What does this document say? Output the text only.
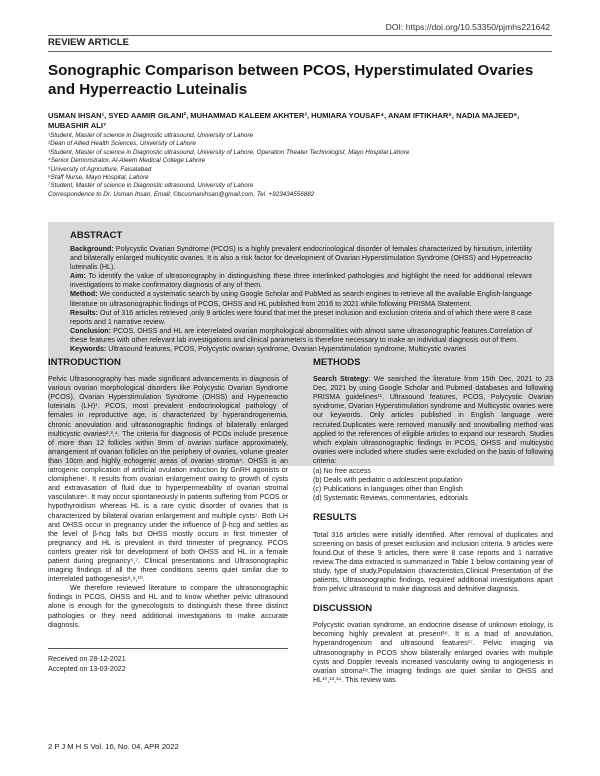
DOI: https://doi.org/10.53350/pjmhs221642
REVIEW ARTICLE
Sonographic Comparison between PCOS, Hyperstimulated Ovaries and Hyperreactio Luteinalis
USMAN IHSAN¹, SYED AAMIR GILANI², MUHAMMAD KALEEM AKHTER³, HUMIARA YOUSAF⁴, ANAM IFTIKHAR⁵, NADIA MAJEED⁶, MUBASHIR ALI⁷
¹Student, Master of science in Diagnostic ultrasound, University of Lahore
²Dean of Allied Health Sciences, University of Lahore
³Student, Master of science in Diagnostic ultrasound, University of Lahore, Operation Theater Technologist, Mayo Hospital Lahore
⁴Senior Demonstrator, Al-Aleem Medical College Lahore
⁵University of Agriculture, Faisalabad
⁶Staff Nurse, Mayo Hospital, Lahore
⁷Student, Master of science in Diagnostic ultrasound, University of Lahore
Correspondence to Dr. Usman Ihsan, Email: ©bcusmanihsan@gmail.com, Tel. +923434556882
ABSTRACT

Background: Polycystic Ovarian Syndrome (PCOS) is a highly prevalent endocrinological disorder of females characterized by hirsutism, infertility and bilaterally enlarged multicystic ovaries. It is also a risk factor for development of Ovarian Hyperstimulation Syndrome (OHSS) and Hyperreactio luteinalis (HL).

Aim: To identify the value of ultrasonography in distinguishing these three interlinked pathologies and highlight the need for additional relevant investigations to make confirmatory diagnosis of any of them.

Method: We conducted a systematic search by using Google Scholar and PubMed as search engines to retrieve all the available English-language literature on ultrasonographic findings of PCOS, OHSS and HL published from 2016 to 2021 while following PRISMA Statement.

Results: Out of 316 articles retrieved ,only 9 articles were found that met the preset inclusion and exclusion criteria and of which there were 8 case reports and 1 narrative review.

Conclusion: PCOS, OHSS and HL are interrelated ovarian morphological abnormalities with almost same ultrasonographic features.Correlation of these features with other relevant lab investigations and clinical parameters is therefore necessary to make an individual diagnosis out of them.

Keywords: Ultrasound features, PCOS, Polycystic ovarian syndrome, Ovarian Hyperstimulation syndrome, Multicystic ovaries

INTRODUCTION

Pelvic Ultrasonography has made significant advancements in diagnosis of various ovarian morphological disorders like Polycystic Ovarian Syndrome (PCOS), Ovarian Hyperstimulation Syndrome (OHSS) and Hyperreactio luteinalis (LH)¹. PCOS, most prevalent endocrinological pathology of females in reproductive age, is characterized by hyperandrogenemia, chronic anovulation and ultrasonographic findings of bilaterally enlarged multicystic ovaries²,³,⁴. The criteria for diagnosis of PCOs include presence of more than 12 follicles within 9mm of ovarian surface approximately, arrangement of ovarian follicles on the periphery of ovaries, volume greater than 10cm and highly echogenic areas of ovarian stroma⁴. OHSS is an iatrogenic complication of artificial ovulation induction by GnRH agonists or clomiphene⁵. It results from ovarian enlargement owing to growth of cysts and extravasation of fluid due to hyperpermeability of ovarian stromal vasculature⁶. It may occur spontaneously in patients suffering from PCOS or hypothyroidism whereas HL is a rare cystic disorder of ovaries that is characterized by bilateral ovarian enlargement and multiple cysts⁷. Both LH and OHSS occur in pregnancy under the influence of β-hcg and settles as the level of β-hcg falls but OHSS mostly occurs in first trimester of pregnancy and HL is prevalent in third trimester of pregnancy. PCOS confers greater risk for development of both OHSS and HL in a female patient during pregnancy⁵,⁷. Clinical presentations and Ultrasonographic imaging findings of all the three conditions seems quiet similar due to interrelated pathogenesis⁸,⁹,¹⁰.

We therefore reviewed literature to compare the ultrasonographic findings in PCOS, OHSS and HL and to know whether pelvic ultrasound alone is enough for the gynecologists to distinguish these three distinct pathologies or they need additional investigations to make accurate diagnosis.

Received on 28-12-2021
Accepted on 13-03-2022
METHODS

Search Strategy: We searched the literature from 15th Dec, 2021 to 23 Dec, 2021 by using Google Scholar and Pubmed databases and following PRISMA guidelines¹¹. Ultrasound features, PCOS, Polycystic Ovarian syndrome, Ovarian Hyperstimulation syndrome and Multicystic ovaries were our keywords. Only articles published in English language were recruited.Duplicates were removed manually and snowballing method was applied to the references of eligible articles to expand our research. Studies which explain ultrasonographic findings in PCOS, OHSS and multicystic ovaries were included where studies were excluded on the basis of following criteria:

(a) No free access
(b) Deals with pediatric o adolescent population
(c) Publications in languages other than English
(d) Systematic Reviews, commentaries, editorials
RESULTS

Total 316 articles were initially identified. After removal of duplicates and screening on basis of preset exclusion and inclusion criteria. 9 articles were found.Out of these 9 articles, there were 8 case reports and 1 narrative review.The data extracted is summarized in Table 1 below containing year of study, type of study,Populataion characteristics,Clinical Presentation of the patients, Ultrasonographic findings, required additional investigations apart from pelvic ultrasound to make diagnosis and definitive diagnosis.

DISCUSSION

Polycystic ovarian syndrome, an endocrine disease of unknown etiology, is becoming highly prevalent at present¹⁶. It is a triad of anovulation, hyperandrogenism and ultrasound features¹⁷. Pelvic imaging via ultrasonography in PCOS show bilaterally enlarged ovaries with multiple cysts and Doppler reveals increased vascularity owing to angiogenesis in ovarian stroma¹⁸.The imaging findings are quiet similar to OHSS and HL¹⁰,¹³,¹⁴. This review was

2 P J M H S Vol. 16, No. 04, APR 2022
